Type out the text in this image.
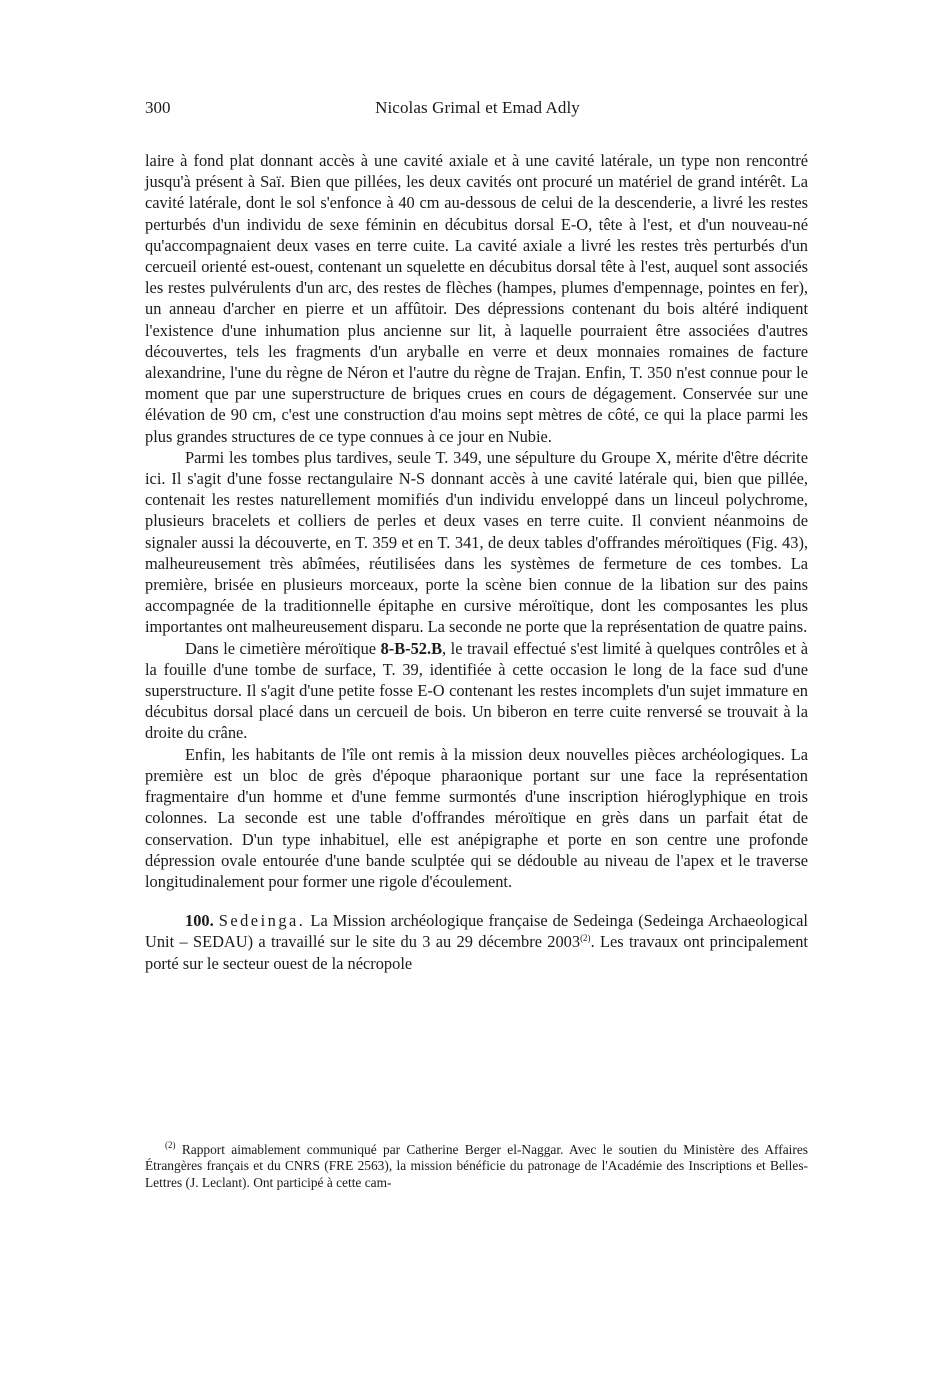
300	Nicolas Grimal et Emad Adly

laire à fond plat donnant accès à une cavité axiale et à une cavité latérale, un type non rencontré jusqu'à présent à Saï. Bien que pillées, les deux cavités ont procuré un matériel de grand intérêt. La cavité latérale, dont le sol s'enfonce à 40 cm au-dessous de celui de la descenderie, a livré les restes perturbés d'un individu de sexe féminin en décubitus dorsal E-O, tête à l'est, et d'un nouveau-né qu'accompagnaient deux vases en terre cuite. La cavité axiale a livré les restes très perturbés d'un cercueil orienté est-ouest, contenant un squelette en décubitus dorsal tête à l'est, auquel sont associés les restes pulvérulents d'un arc, des restes de flèches (hampes, plumes d'empennage, pointes en fer), un anneau d'archer en pierre et un affûtoir. Des dépressions contenant du bois altéré indiquent l'existence d'une inhumation plus ancienne sur lit, à laquelle pourraient être associées d'autres découvertes, tels les fragments d'un aryballe en verre et deux monnaies romaines de facture alexandrine, l'une du règne de Néron et l'autre du règne de Trajan. Enfin, T. 350 n'est connue pour le moment que par une superstructure de briques crues en cours de dégagement. Conservée sur une élévation de 90 cm, c'est une construction d'au moins sept mètres de côté, ce qui la place parmi les plus grandes structures de ce type connues à ce jour en Nubie.

Parmi les tombes plus tardives, seule T. 349, une sépulture du Groupe X, mérite d'être décrite ici. Il s'agit d'une fosse rectangulaire N-S donnant accès à une cavité latérale qui, bien que pillée, contenait les restes naturellement momifiés d'un individu enveloppé dans un linceul polychrome, plusieurs bracelets et colliers de perles et deux vases en terre cuite. Il convient néanmoins de signaler aussi la découverte, en T. 359 et en T. 341, de deux tables d'offrandes méroïtiques (Fig. 43), malheureusement très abîmées, réutilisées dans les systèmes de fermeture de ces tombes. La première, brisée en plusieurs morceaux, porte la scène bien connue de la libation sur des pains accompagnée de la traditionnelle épitaphe en cursive méroïtique, dont les composantes les plus importantes ont malheureusement disparu. La seconde ne porte que la représentation de quatre pains.

Dans le cimetière méroïtique 8-B-52.B, le travail effectué s'est limité à quelques contrôles et à la fouille d'une tombe de surface, T. 39, identifiée à cette occasion le long de la face sud d'une superstructure. Il s'agit d'une petite fosse E-O contenant les restes incomplets d'un sujet immature en décubitus dorsal placé dans un cercueil de bois. Un biberon en terre cuite renversé se trouvait à la droite du crâne.

Enfin, les habitants de l'île ont remis à la mission deux nouvelles pièces archéologiques. La première est un bloc de grès d'époque pharaonique portant sur une face la représentation fragmentaire d'un homme et d'une femme surmontés d'une inscription hiéroglyphique en trois colonnes. La seconde est une table d'offrandes méroïtique en grès dans un parfait état de conservation. D'un type inhabituel, elle est anépigraphe et porte en son centre une profonde dépression ovale entourée d'une bande sculptée qui se dédouble au niveau de l'apex et le traverse longitudinalement pour former une rigole d'écoulement.

100. Sedeinga. La Mission archéologique française de Sedeinga (Sedeinga Archaeological Unit – SEDAU) a travaillé sur le site du 3 au 29 décembre 2003$^{(2)}$. Les travaux ont principalement porté sur le secteur ouest de la nécropole

$^{(2)}$ Rapport aimablement communiqué par Catherine Berger el-Naggar. Avec le soutien du Ministère des Affaires Étrangères français et du CNRS (FRE 2563), la mission bénéficie du patronage de l'Académie des Inscriptions et Belles-Lettres (J. Leclant). Ont participé à cette cam-
